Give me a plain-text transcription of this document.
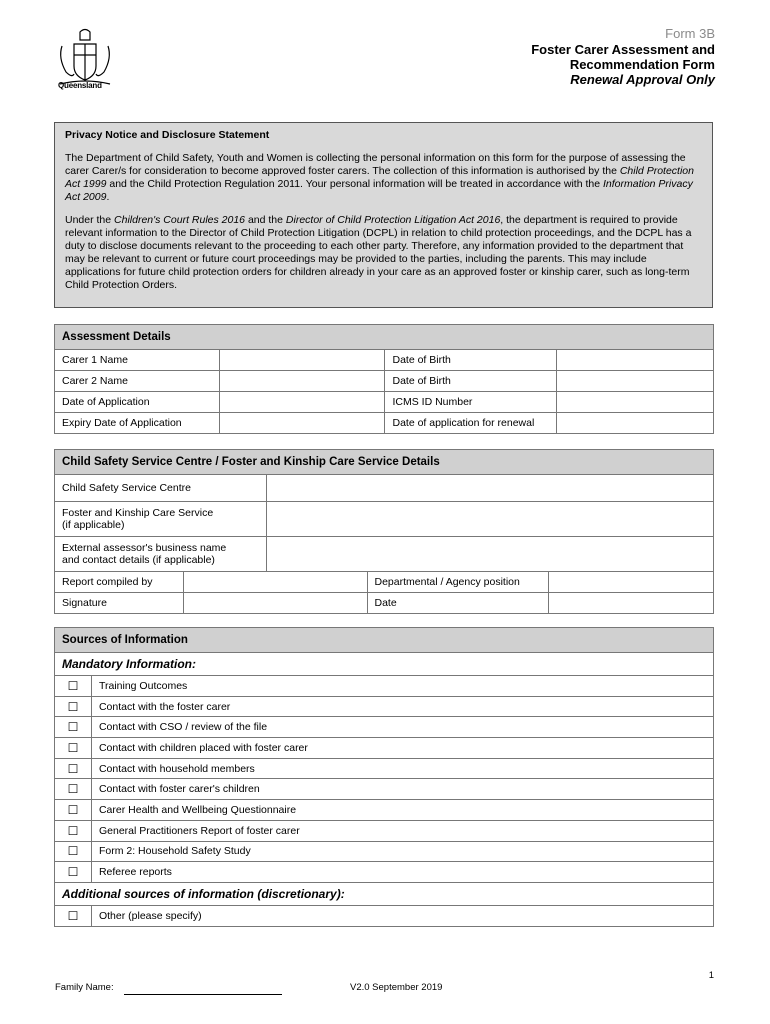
Queensland
Form 3B
Foster Carer Assessment and
Recommendation Form
Renewal Approval Only
Privacy Notice and Disclosure Statement

The Department of Child Safety, Youth and Women is collecting the personal information on this form for the purpose of assessing the carer Carer/s for consideration to become approved foster carers. The collection of this information is authorised by the Child Protection Act 1999 and the Child Protection Regulation 2011. Your personal information will be treated in accordance with the Information Privacy Act 2009.

Under the Children's Court Rules 2016 and the Director of Child Protection Litigation Act 2016, the department is required to provide relevant information to the Director of Child Protection Litigation (DCPL) in relation to child protection proceedings, and the DCPL has a duty to disclose documents relevant to the proceeding to each other party. Therefore, any information provided to the department that may be relevant to current or future court proceedings may be provided to the parties, including the parents. This may include applications for future child protection orders for children already in your care as an approved foster or kinship carer, such as long-term Child Protection Orders.

Assessment Details			
Carer 1 Name		Date of Birth	
Carer 2 Name		Date of Birth	
Date of Application		ICMS ID Number	
Expiry Date of Application		Date of application for renewal	
Child Safety Service Centre / Foster and Kinship Care Service Details				
Child Safety Service Centre				
Foster and Kinship Care Service
(if applicable)				
External assessor's business name
and contact details (if applicable)				
Report compiled by			Departmental / Agency position	
Signature			Date	
Sources of Information	
Mandatory Information:	
☐	Training Outcomes
☐	Contact with the foster carer
☐	Contact with CSO / review of the file
☐	Contact with children placed with foster carer
☐	Contact with household members
☐	Contact with foster carer's children
☐	Carer Health and Wellbeing Questionnaire
☐	General Practitioners Report of foster carer
☐	Form 2: Household Safety Study
☐	Referee reports
Additional sources of information (discretionary):	
☐	Other (please specify)
1
Family Name:	V2.0 September 2019
